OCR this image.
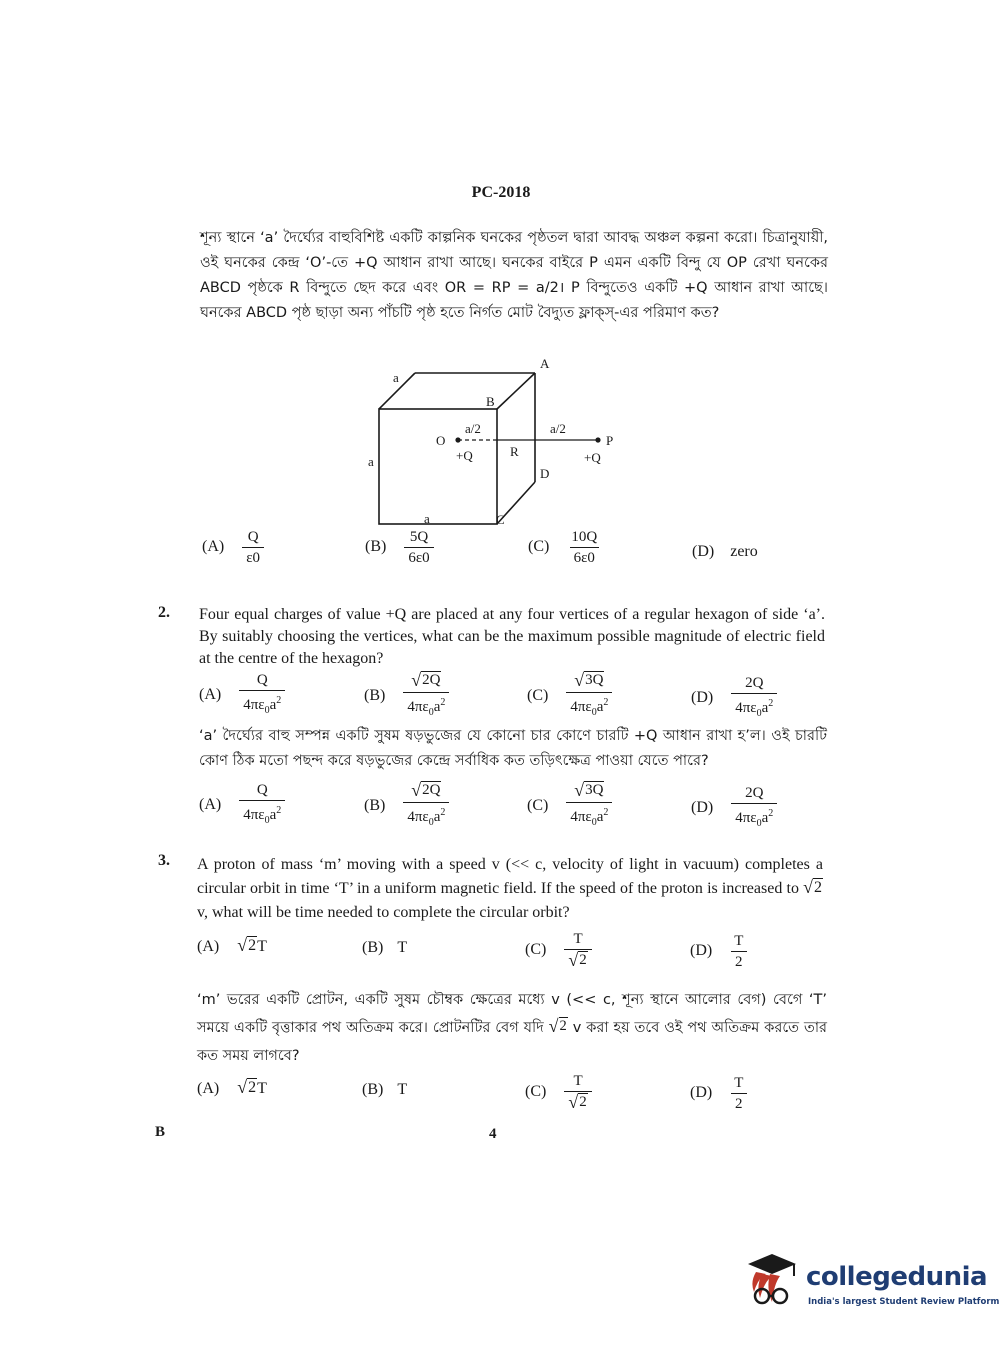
PC-2018
শূন্য স্থানে ‘a’ দৈর্ঘ্যের বাহুবিশিষ্ট একটি কাল্পনিক ঘনকের পৃষ্ঠতল দ্বারা আবদ্ধ অঞ্চল কল্পনা করো। চিত্রানুযায়ী, ওই ঘনকের কেন্দ্র ‘O’-তে +Q আধান রাখা আছে। ঘনকের বাইরে P এমন একটি বিন্দু যে OP রেখা ঘনকের ABCD পৃষ্ঠকে R বিন্দুতে ছেদ করে এবং OR = RP = a/2। P বিন্দুতেও একটি +Q আধান রাখা আছে। ঘনকের ABCD পৃষ্ঠ ছাড়া অন্য পাঁচটি পৃষ্ঠ হতে নির্গত মোট বৈদ্যুত ফ্লাক্স্-এর পরিমাণ কত?
a
a
a
A
B
C
D
O	P
R
a/2	a/2
+Q	+Q
$(A) \frac{Q}{\varepsilon 0}$	$(B) \frac{5Q}{6\varepsilon 0}$	$(C) \frac{10Q}{6\varepsilon 0}$	(D) zero
2. Four equal charges of value +Q are placed at any four vertices of a regular hexagon of side ‘a’. By suitably choosing the vertices, what can be the maximum possible magnitude of electric field at the centre of the hexagon?
$(A) \frac{Q}{4\pi\varepsilon_0a^2}$	$(B) \frac{√ 2Q}{4\pi\varepsilon_0a^2}$	$(C) \frac{√ 3Q}{4\pi\varepsilon_0a^2}$	$(D) \frac{2Q}{4\pi\varepsilon_0a^2}$
‘a’ দৈর্ঘ্যের বাহু সম্পন্ন একটি সুষম ষড়ভুজের যে কোনো চার কোণে চারটি +Q আধান রাখা হ’ল। ওই চারটি কোণ ঠিক মতো পছন্দ করে ষড়ভুজের কেন্দ্রে সর্বাধিক কত তড়িৎক্ষেত্র পাওয়া যেতে পারে?
$(A) \frac{Q}{4\pi\varepsilon_0a^2}$	$(B) \frac{√ 2Q}{4\pi\varepsilon_0a^2}$	$(C) \frac{√ 3Q}{4\pi\varepsilon_0a^2}$	$(D) \frac{2Q}{4\pi\varepsilon_0a^2}$
3. A proton of mass ‘m’ moving with a speed v (<< c, velocity of light in vacuum) completes a circular orbit in time ‘T’ in a uniform magnetic field. If the speed of the proton is increased to √ 2
v, what will be time needed to complete the circular orbit?
(A) √ 2 T	(B) T	$(C) \frac{T}{√ 2}$	$(D) \frac{T}{2}$
‘m’ ভরের একটি প্রোটন, একটি সুষম চৌম্বক ক্ষেত্রের মধ্যে v (<< c, শূন্য স্থানে আলোর বেগ) বেগে ‘T’ সময়ে একটি বৃত্তাকার পথ অতিক্রম করে। প্রোটনটির বেগ যদি √ 2 v করা হয় তবে ওই পথ অতিক্রম করতে তার কত সময় লাগবে?
(A) √ 2 T	(B) T	$(C) \frac{T}{√ 2}$	$(D) \frac{T}{2}$
B	4
collegedunia
India's largest Student Review Platform
